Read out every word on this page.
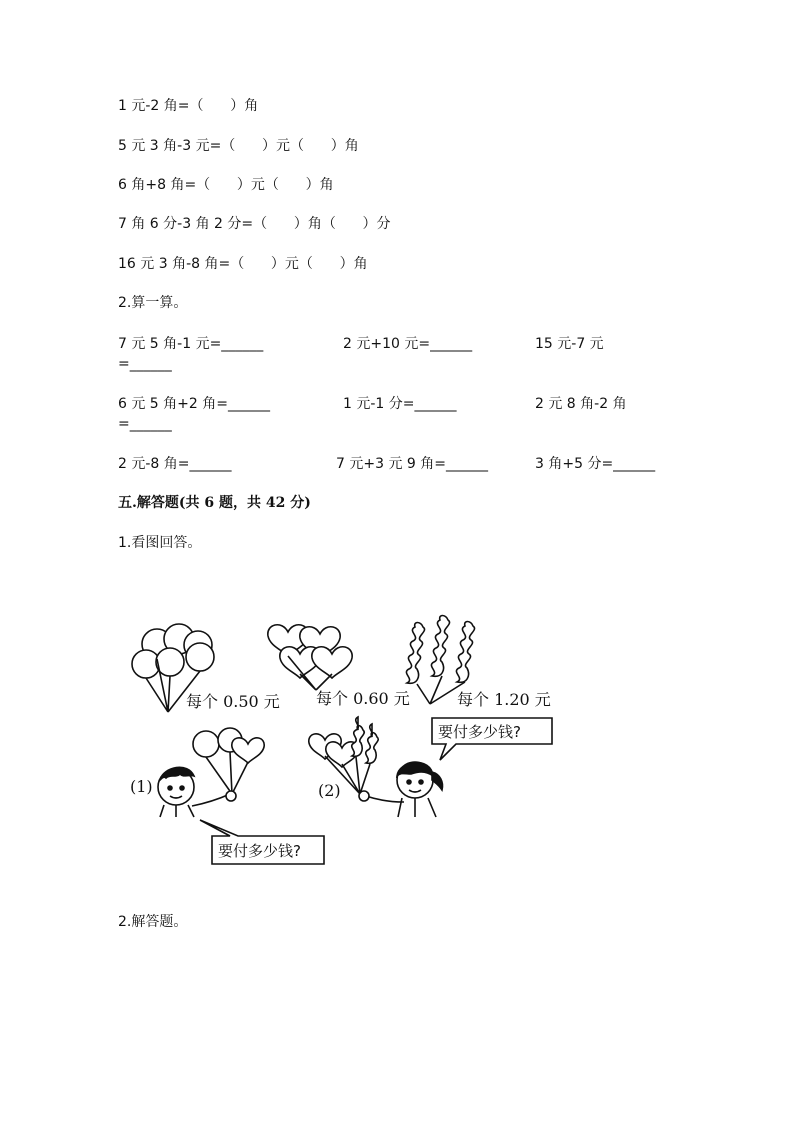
1 元-2 角=（      ）角
5 元 3 角-3 元=（      ）元（      ）角
6 角+8 角=（      ）元（      ）角
7 角 6 分-3 角 2 分=（      ）角（      ）分
16 元 3 角-8 角=（      ）元（      ）角
2.算一算。
7 元 5 角-1 元=______	2 元+10 元=______	15 元-7 元
=______
6 元 5 角+2 角=______	1 元-1 分=______	2 元 8 角-2 角
=______
2 元-8 角=______	7 元+3 元 9 角=______	3 角+5 分=______
五.解答题(共 6 题，共 42 分)
1.看图回答。
每个 0.50 元 每个 0.60 元	每个 1.20 元
(1)	(2)
要付多少钱?
要付多少钱?
2.解答题。
